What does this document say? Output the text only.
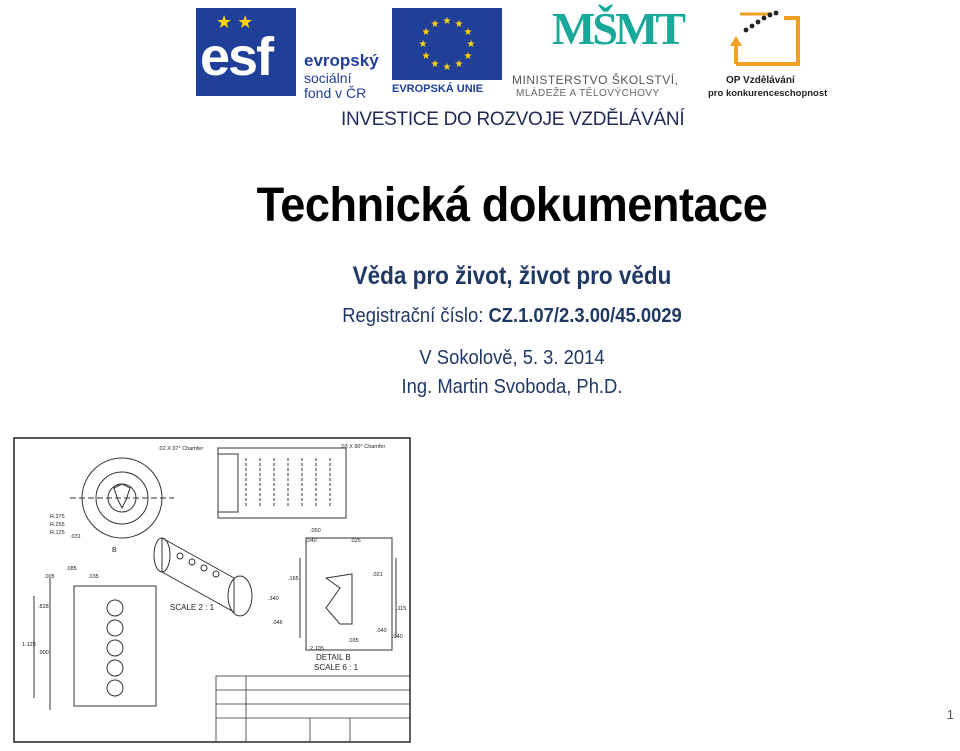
★ ★
esf evropský
sociální
fond v ČR
★ ★
★
★
★
★
★
★
★
★
★
★
EVROPSKÁ UNIE
MŠMT
MINISTERSTVO ŠKOLSTVÍ,
MLÁDEŽE A TĚLOVÝCHOVY
OP Vzdělávání
pro konkurenceschopnost
INVESTICE DO ROZVOJE VZDĚLÁVÁNÍ
Technická dokumentace
Věda pro život, život pro vědu
Registrační číslo: CZ.1.07/2.3.00/45.0029
V Sokolově, 5. 3. 2014
Ing. Martin Svoboda, Ph.D.
.02 X 37° Chamfer	.03 X 90° Chamfer
B
R.375
R.255
R.125	.050
.040	.025
.165
.021
.115
.046
.040
.035
.340
.040
.031
2.105
.005
.085
.035
.828
1.125
.900
SCALE 2 : 1
DETAIL B
SCALE 6 : 1
1
